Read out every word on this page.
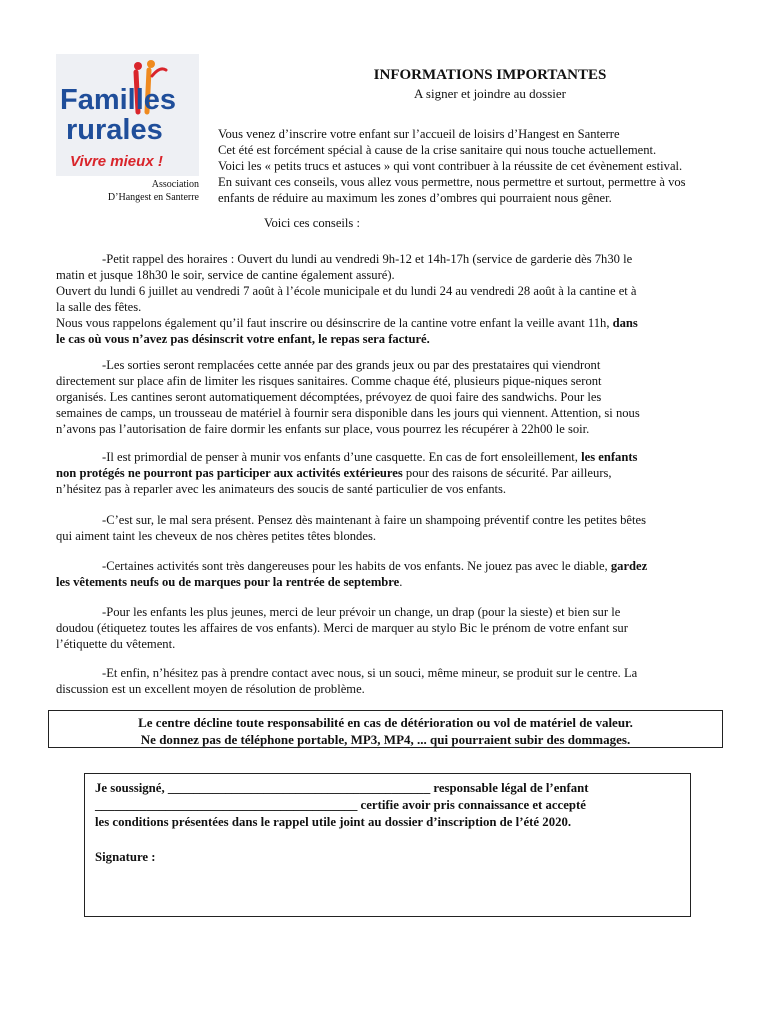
Familles
rurales
Vivre mieux !
Association
D’Hangest en Santerre
INFORMATIONS IMPORTANTES
A signer et joindre au dossier
Vous venez d’inscrire votre enfant sur l’accueil de loisirs d’Hangest en Santerre
Cet été est forcément spécial à cause de la crise sanitaire qui nous touche actuellement.
Voici les « petits trucs et astuces » qui vont contribuer à la réussite de cet évènement estival.
En suivant ces conseils, vous allez vous permettre, nous permettre et surtout, permettre à vos
enfants de réduire au maximum les zones d’ombres qui pourraient nous gêner.
Voici ces conseils :
-Petit rappel des horaires : Ouvert du lundi au vendredi 9h-12 et 14h-17h (service de garderie dès 7h30 le
matin et jusque 18h30 le soir, service de cantine également assuré).
Ouvert du lundi 6 juillet au vendredi 7 août à l’école municipale et du lundi 24 au vendredi 28 août à la cantine et à
la salle des fêtes.
Nous vous rappelons également qu’il faut inscrire ou désinscrire de la cantine votre enfant la veille avant 11h, dans
le cas où vous n’avez pas désinscrit votre enfant, le repas sera facturé.
-Les sorties seront remplacées cette année par des grands jeux ou par des prestataires qui viendront
directement sur place afin de limiter les risques sanitaires. Comme chaque été, plusieurs pique-niques seront
organisés. Les cantines seront automatiquement décomptées, prévoyez de quoi faire des sandwichs. Pour les
semaines de camps, un trousseau de matériel à fournir sera disponible dans les jours qui viennent. Attention, si nous
n’avons pas l’autorisation de faire dormir les enfants sur place, vous pourrez les récupérer à 22h00 le soir.
-Il est primordial de penser à munir vos enfants d’une casquette. En cas de fort ensoleillement, les enfants
non protégés ne pourront pas participer aux activités extérieures pour des raisons de sécurité. Par ailleurs,
n’hésitez pas à reparler avec les animateurs des soucis de santé particulier de vos enfants.
-C’est sur, le mal sera présent. Pensez dès maintenant à faire un shampoing préventif contre les petites bêtes
qui aiment taint les cheveux de nos chères petites têtes blondes.
-Certaines activités sont très dangereuses pour les habits de vos enfants. Ne jouez pas avec le diable, gardez
les vêtements neufs ou de marques pour la rentrée de septembre.
-Pour les enfants les plus jeunes, merci de leur prévoir un change, un drap (pour la sieste) et bien sur le
doudou (étiquetez toutes les affaires de vos enfants). Merci de marquer au stylo Bic le prénom de votre enfant sur
l’étiquette du vêtement.
-Et enfin, n’hésitez pas à prendre contact avec nous, si un souci, même mineur, se produit sur le centre. La
discussion est un excellent moyen de résolution de problème.
Le centre décline toute responsabilité en cas de détérioration ou vol de matériel de valeur.
Ne donnez pas de téléphone portable, MP3, MP4, ... qui pourraient subir des dommages.
Je soussigné, _________________________________________ responsable légal de l’enfant
_________________________________________ certifie avoir pris connaissance et accepté
les conditions présentées dans le rappel utile joint au dossier d’inscription de l’été 2020.
Signature :
